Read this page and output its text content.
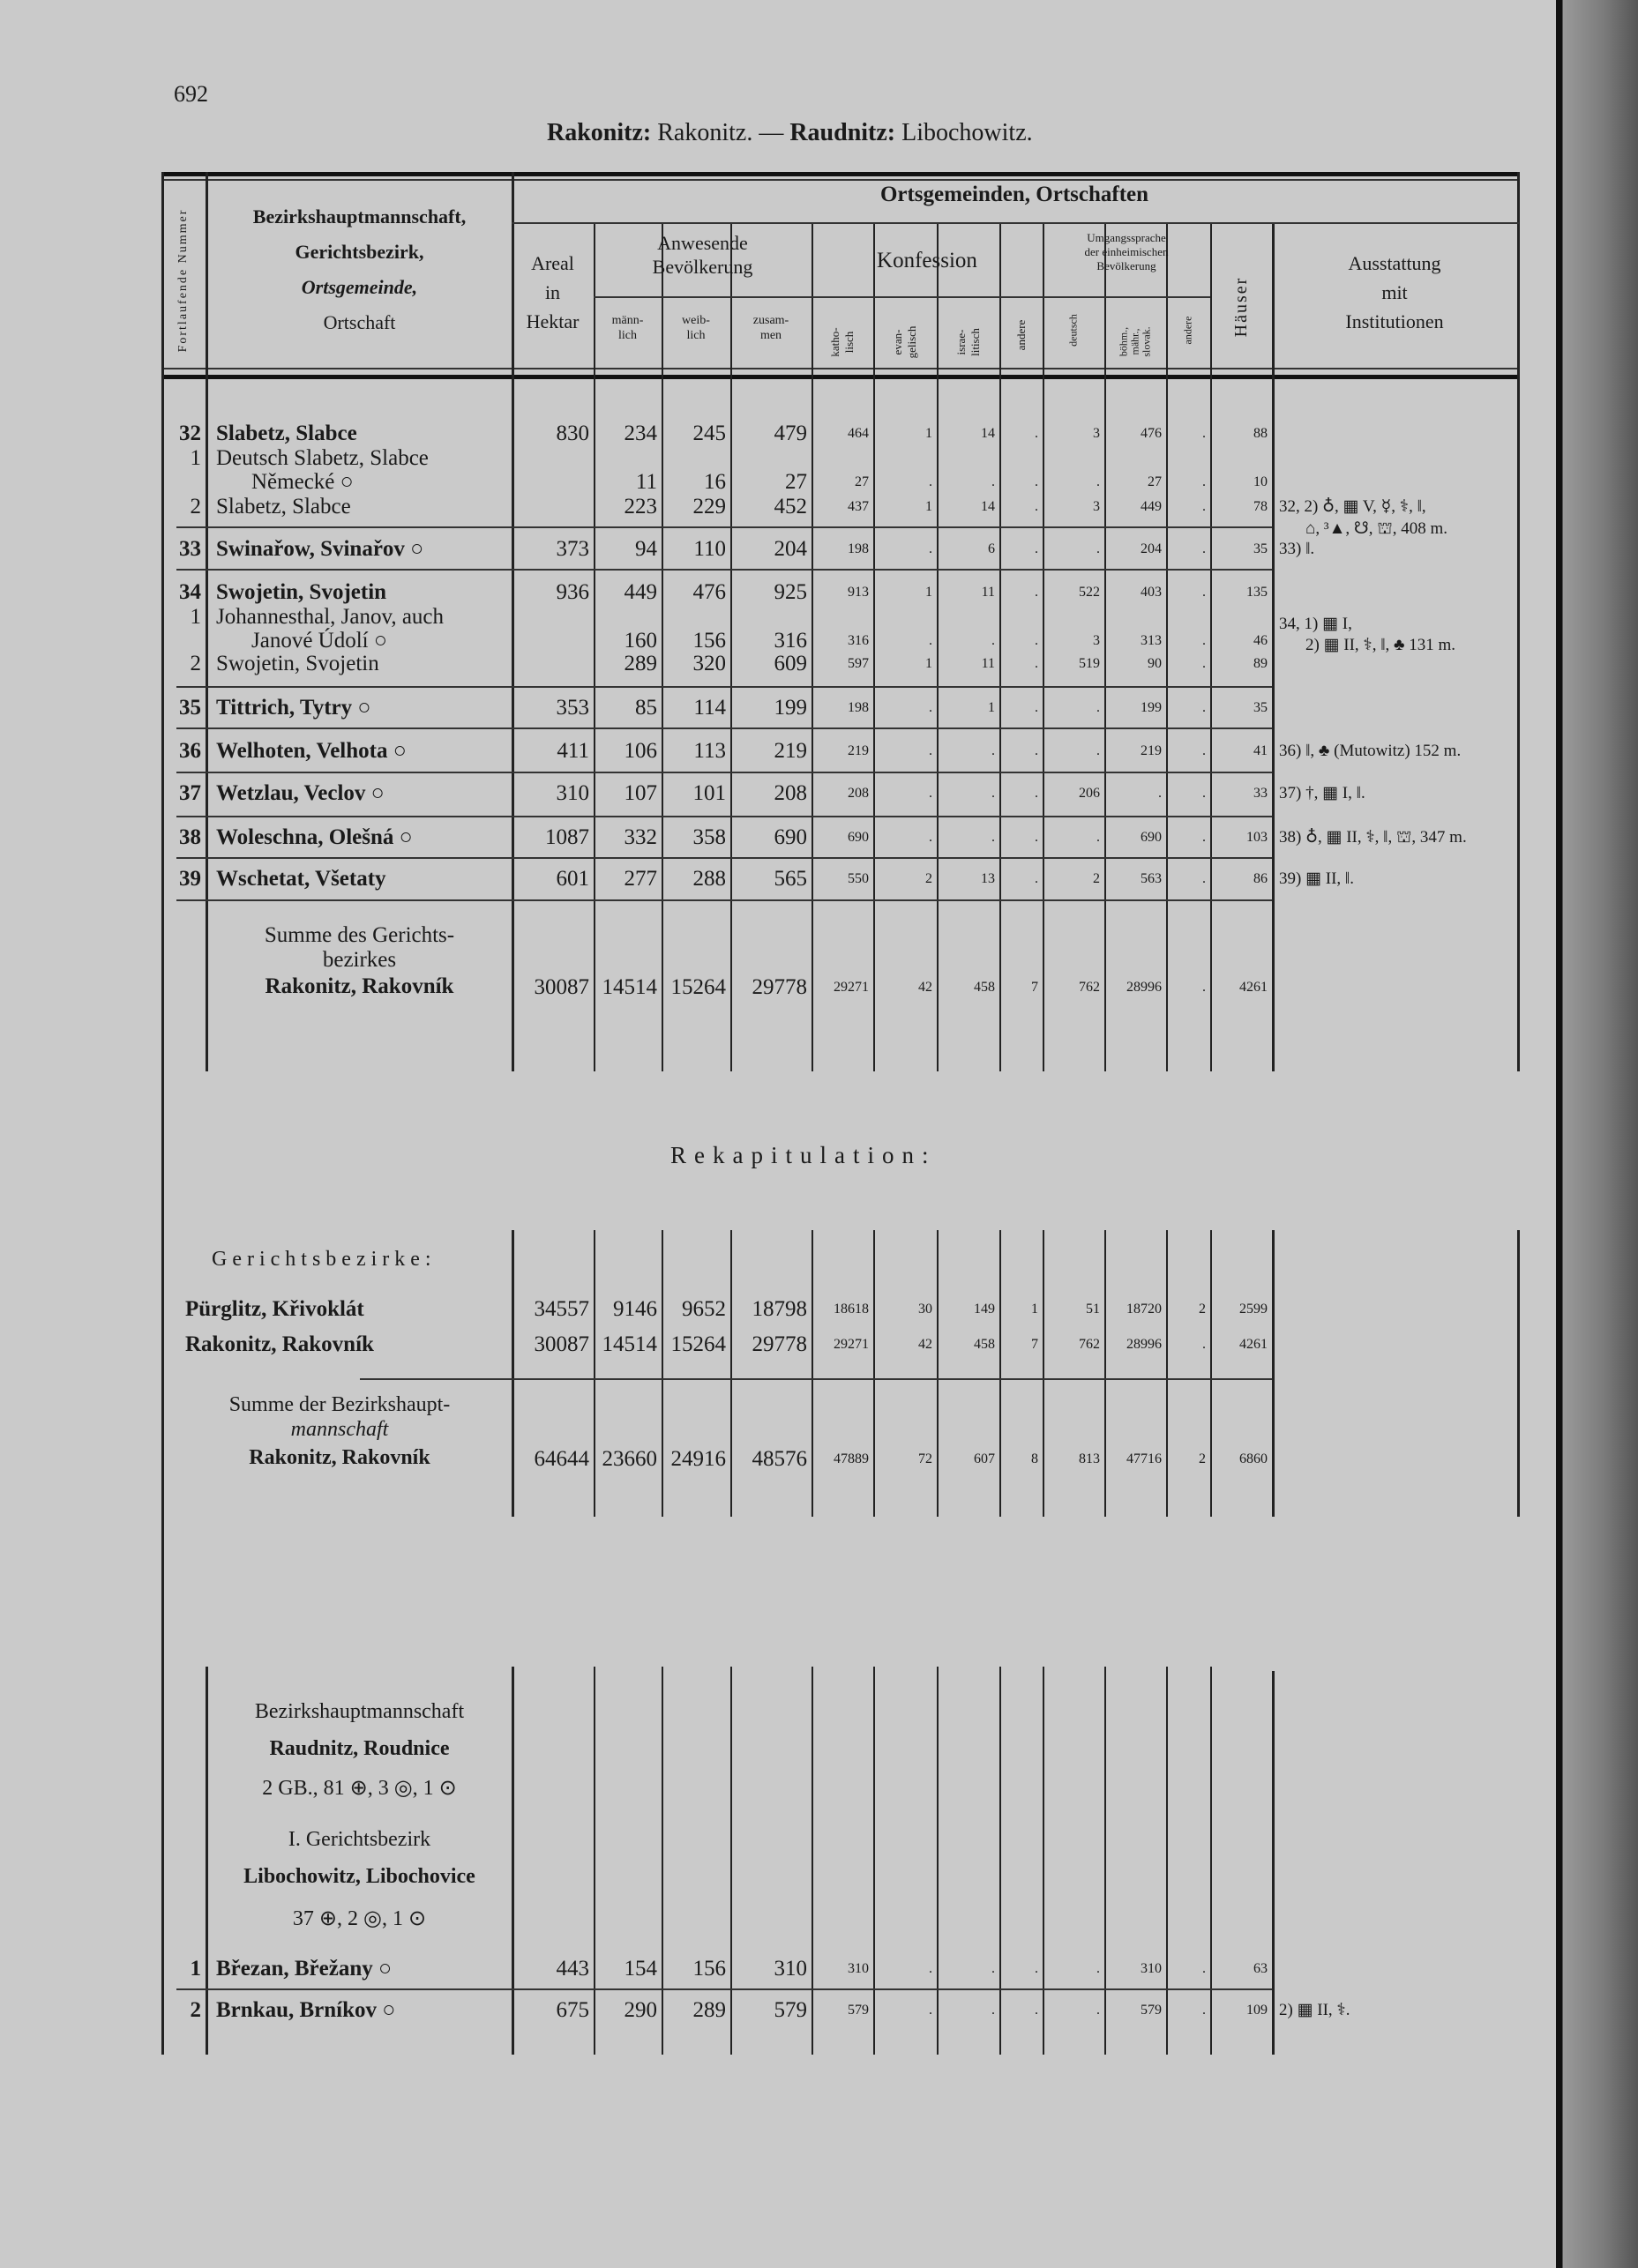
692
Rakonitz: Rakonitz. — Raudnitz: Libochowitz.
Fortlaufende Nummer	Bezirkshauptmannschaft,
Gerichtsbezirk,
Ortsgemeinde,
Ortschaft
Ortsgemeinden, Ortschaften
Areal
in
Hektar
Anwesende
Bevölkerung
männ-
lich
weib-
lich
zusam-
men
Konfession
katho-
lisch	evan-
gelisch	israe-
litisch	andere
Umgangssprache
der einheimischen
Bevölkerung
deutsch	böhm.,
mähr.,
slovak.	andere Häuser
Ausstattung
mit
Institutionen
32 Slabetz, Slabce	830	234	245	479	464	1	14	.	3	476	.	88
1 Deutsch Slabetz, Slabce
Německé ○	11	16	27	27	.	.	.	.	27	.	10
2 Slabetz, Slabce	223	229	452	437	1	14	.	3	449	.	78
33 Swinařow, Svinařov ○	373	94	110	204	198	.	6	.	.	204	.	35
34 Swojetin, Svojetin	936	449	476	925	913	1	11	.	522	403	.	135
1 Johannesthal, Janov, auch
Janové Údolí ○	160	156	316	316	.	.	.	3	313	.	46
2 Swojetin, Svojetin	289	320	609	597	1	11	.	519	90	.	89
35 Tittrich, Tytry ○	353	85	114	199	198	.	1	.	.	199	.	35
36 Welhoten, Velhota ○	411	106	113	219	219	.	.	.	.	219	.	41
37 Wetzlau, Veclov ○	310	107	101	208	208	.	.	.	206	.	.	33
38 Woleschna, Olešná ○	1087	332	358	690	690	.	.	.	.	690	.	103
39 Wschetat, Všetaty	601	277	288	565	550	2	13	.	2	563	.	86
Summe des Gerichts-
bezirkes
Rakonitz, Rakovník	30087 14514 15264	29778	29271	42	458	7	762	28996	.	4261
32, 2) ♁, ▦ V, ☿, ⚕, ‖,
⌂, ³▲, ☋, ⛫, 408 m.
33) ‖.
34, 1) ▦ I,
2) ▦ II, ⚕, ‖, ♣ 131 m.
36) ‖, ♣ (Mutowitz) 152 m.
37) †, ▦ I, ‖.
38) ♁, ▦ II, ⚕, ‖, ⛫, 347 m.
39) ▦ II, ‖.
Rekapitulation:
Gerichtsbezirke:
Pürglitz, Křivoklát	34557	9146	9652	18798	18618	30	149	1	51	18720	2	2599
Rakonitz, Rakovník	30087 14514 15264	29778	29271	42	458	7	762	28996	.	4261
Summe der Bezirkshaupt-
mannschaft
Rakonitz, Rakovník	64644 23660 24916	48576	47889	72	607	8	813	47716	2	6860
Bezirkshauptmannschaft
Raudnitz, Roudnice
2 GB., 81 ⊕, 3 ◎, 1 ⊙
I. Gerichtsbezirk
Libochowitz, Libochovice
37 ⊕, 2 ◎, 1 ⊙
1 Březan, Břežany ○	443	154	156	310	310	.	.	.	.	310	.	63
2 Brnkau, Brníkov ○	675	290	289	579	579	.	.	.	.	579	.	109 2) ▦ II, ⚕.
